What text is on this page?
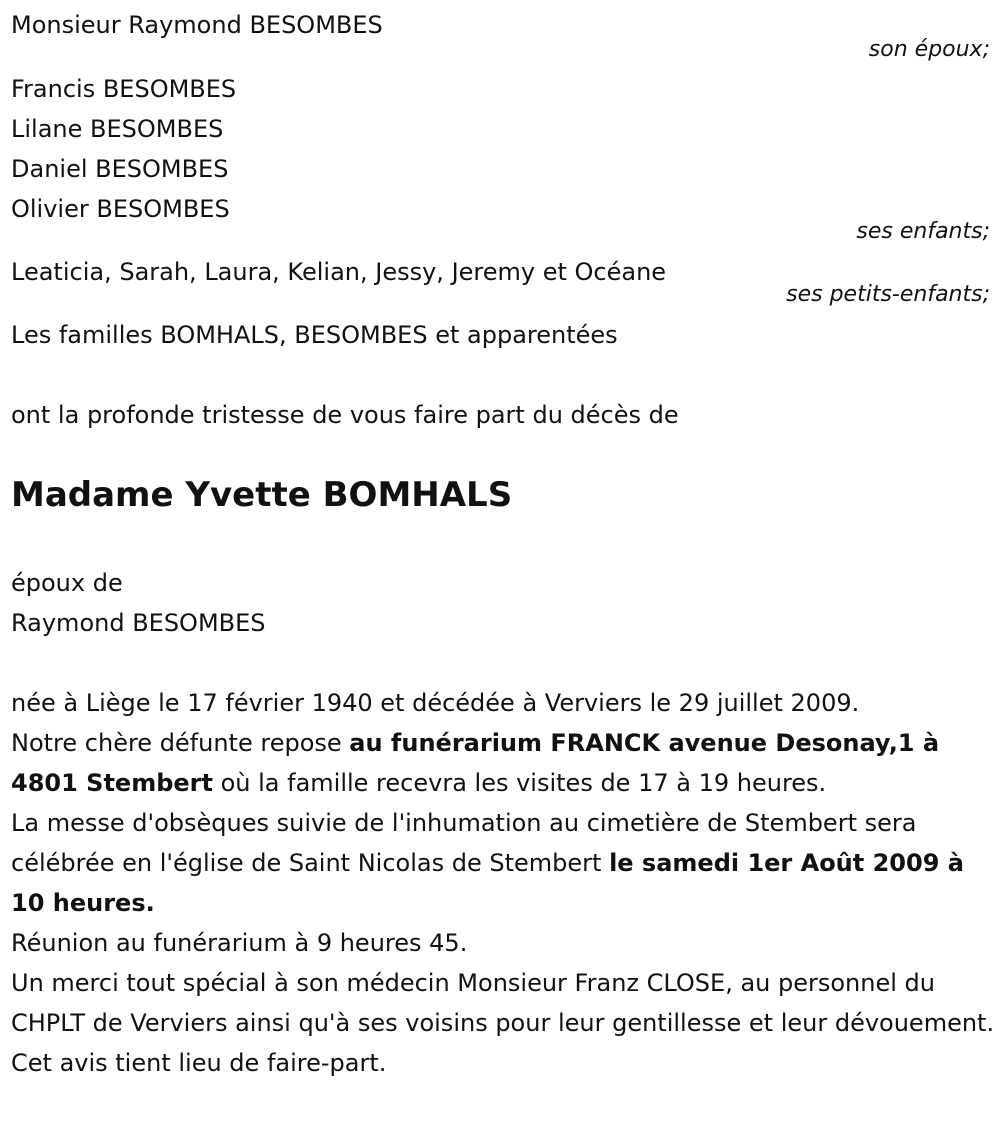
Monsieur Raymond BESOMBES
son époux;
Francis BESOMBES
Lilane BESOMBES
Daniel BESOMBES
Olivier BESOMBES
ses enfants;
Leaticia, Sarah, Laura, Kelian, Jessy, Jeremy et Océane
ses petits-enfants;
Les familles BOMHALS, BESOMBES et apparentées
ont la profonde tristesse de vous faire part du décès de
Madame Yvette BOMHALS
époux de
Raymond BESOMBES

née à Liège le 17 février 1940 et décédée à Verviers le 29 juillet 2009.

Notre chère défunte repose au funérarium FRANCK avenue Desonay,1 à 4801 Stembert où la famille recevra les visites de 17 à 19 heures.

La messe d'obsèques suivie de l'inhumation au cimetière de Stembert sera célébrée en l'église de Saint Nicolas de Stembert le samedi 1er Août 2009 à 10 heures.

Réunion au funérarium à 9 heures 45.

Un merci tout spécial à son médecin Monsieur Franz CLOSE, au personnel du CHPLT de Verviers ainsi qu'à ses voisins pour leur gentillesse et leur dévouement.

Cet avis tient lieu de faire-part.
